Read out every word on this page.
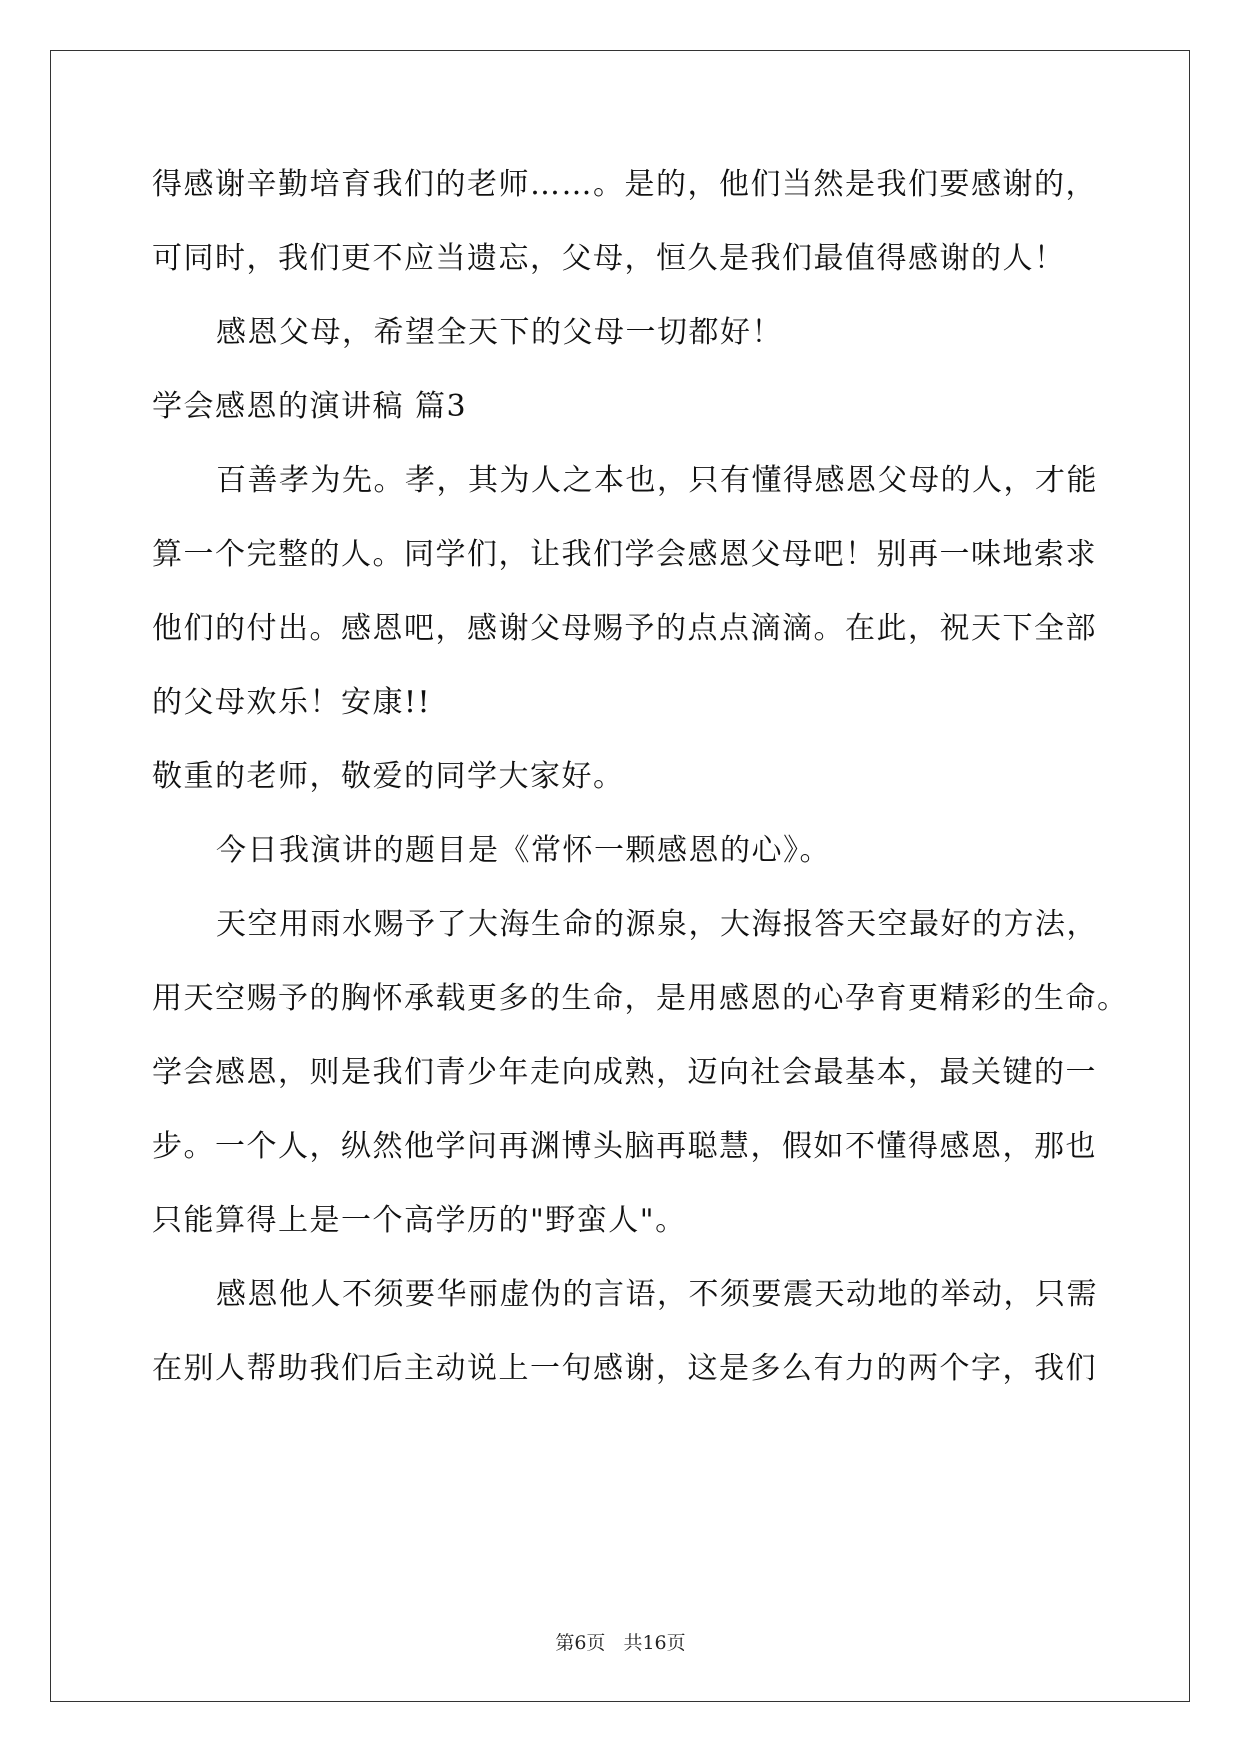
得感谢辛勤培育我们的老师……。是的，他们当然是我们要感谢的，
可同时，我们更不应当遗忘，父母，恒久是我们最值得感谢的人！
感恩父母，希望全天下的父母一切都好！
学会感恩的演讲稿 篇3
百善孝为先。孝，其为人之本也，只有懂得感恩父母的人，才能
算一个完整的人。同学们，让我们学会感恩父母吧！别再一味地索求
他们的付出。感恩吧，感谢父母赐予的点点滴滴。在此，祝天下全部
的父母欢乐！安康!!
敬重的老师，敬爱的同学大家好。
今日我演讲的题目是《常怀一颗感恩的心》。
天空用雨水赐予了大海生命的源泉，大海报答天空最好的方法，
用天空赐予的胸怀承载更多的生命，是用感恩的心孕育更精彩的生命。
学会感恩，则是我们青少年走向成熟，迈向社会最基本，最关键的一
步。一个人，纵然他学问再渊博头脑再聪慧，假如不懂得感恩，那也
只能算得上是一个高学历的"野蛮人"。
感恩他人不须要华丽虚伪的言语，不须要震天动地的举动，只需
在别人帮助我们后主动说上一句感谢，这是多么有力的两个字，我们
第6页 共16页
